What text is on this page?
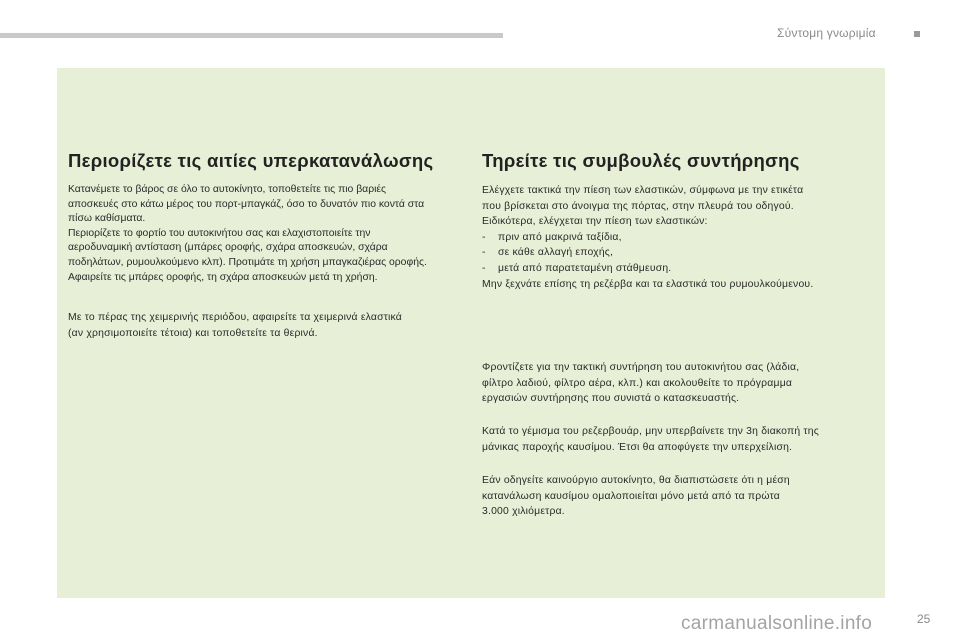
Σύντομη γνωριμία
Περιορίζετε τις αιτίες υπερκατανάλωσης

Κατανέμετε το βάρος σε όλο το αυτοκίνητο, τοποθετείτε τις πιο βαριές
αποσκευές στο κάτω μέρος του πορτ-μπαγκάζ, όσο το δυνατόν πιο κοντά στα
πίσω καθίσματα.
Περιορίζετε το φορτίο του αυτοκινήτου σας και ελαχιστοποιείτε την
αεροδυναμική αντίσταση (μπάρες οροφής, σχάρα αποσκευών, σχάρα
ποδηλάτων, ρυμουλκούμενο κλπ). Προτιμάτε τη χρήση μπαγκαζιέρας οροφής.
Αφαιρείτε τις μπάρες οροφής, τη σχάρα αποσκευών μετά τη χρήση.

Με το πέρας της χειμερινής περιόδου, αφαιρείτε τα χειμερινά ελαστικά
(αν χρησιμοποιείτε τέτοια) και τοποθετείτε τα θερινά.

Τηρείτε τις συμβουλές συντήρησης

Ελέγχετε τακτικά την πίεση των ελαστικών, σύμφωνα με την ετικέτα
που βρίσκεται στο άνοιγμα της πόρτας, στην πλευρά του οδηγού.
Ειδικότερα, ελέγχεται την πίεση των ελαστικών:
-    πριν από μακρινά ταξίδια,
-    σε κάθε αλλαγή εποχής,
-    μετά από παρατεταμένη στάθμευση.
Μην ξεχνάτε επίσης τη ρεζέρβα και τα ελαστικά του ρυμουλκούμενου.

Φροντίζετε για την τακτική συντήρηση του αυτοκινήτου σας (λάδια,
φίλτρο λαδιού, φίλτρο αέρα, κλπ.) και ακολουθείτε το πρόγραμμα
εργασιών συντήρησης που συνιστά ο κατασκευαστής.

Κατά το γέμισμα του ρεζερβουάρ, μην υπερβαίνετε την 3η διακοπή της
μάνικας παροχής καυσίμου. Έτσι θα αποφύγετε την υπερχείλιση.

Εάν οδηγείτε καινούργιο αυτοκίνητο, θα διαπιστώσετε ότι η μέση
κατανάλωση καυσίμου ομαλοποιείται μόνο μετά από τα πρώτα
3.000 χιλιόμετρα.

carmanualsonline.info	25
